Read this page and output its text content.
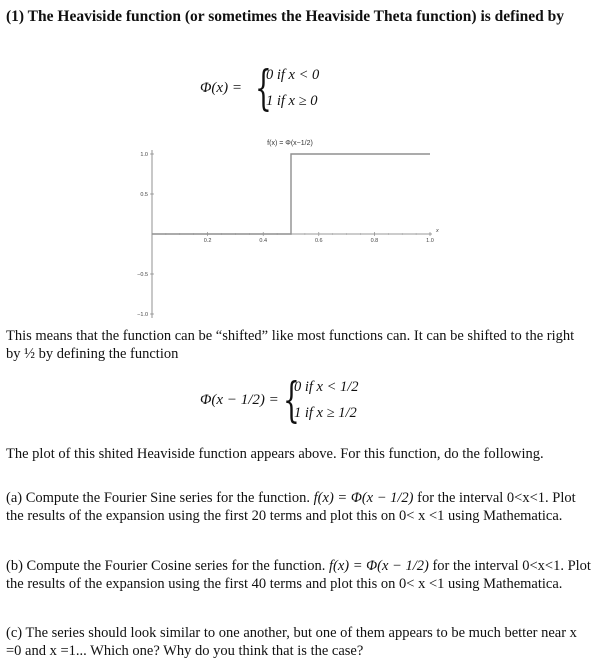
(1) The Heaviside function (or sometimes the Heaviside Theta function) is defined by
Φ(x) = {
0 if x < 0
1 if x ≥ 0
f(x) = Φ(x−1/2)
0.2	0.4	0.6	0.8	1.0
x
1.0
0.5
−0.5
−1.0
This means that the function can be “shifted” like most functions can. It can be shifted to the right by ½ by defining the function
Φ(x − 1/2) = {
0 if x < 1/2
1 if x ≥ 1/2
The plot of this shited Heaviside function appears above. For this function, do the following.
(a) Compute the Fourier Sine series for the function. f(x) = Φ(x − 1/2) for the interval 0<x<1. Plot the results of the expansion using the first 20 terms and plot this on 0< x <1 using Mathematica.
(b) Compute the Fourier Cosine series for the function. f(x) = Φ(x − 1/2) for the interval 0<x<1. Plot the results of the expansion using the first 40 terms and plot this on 0< x <1 using Mathematica.
(c) The series should look similar to one another, but one of them appears to be much better near x =0 and x =1... Which one? Why do you think that is the case?
